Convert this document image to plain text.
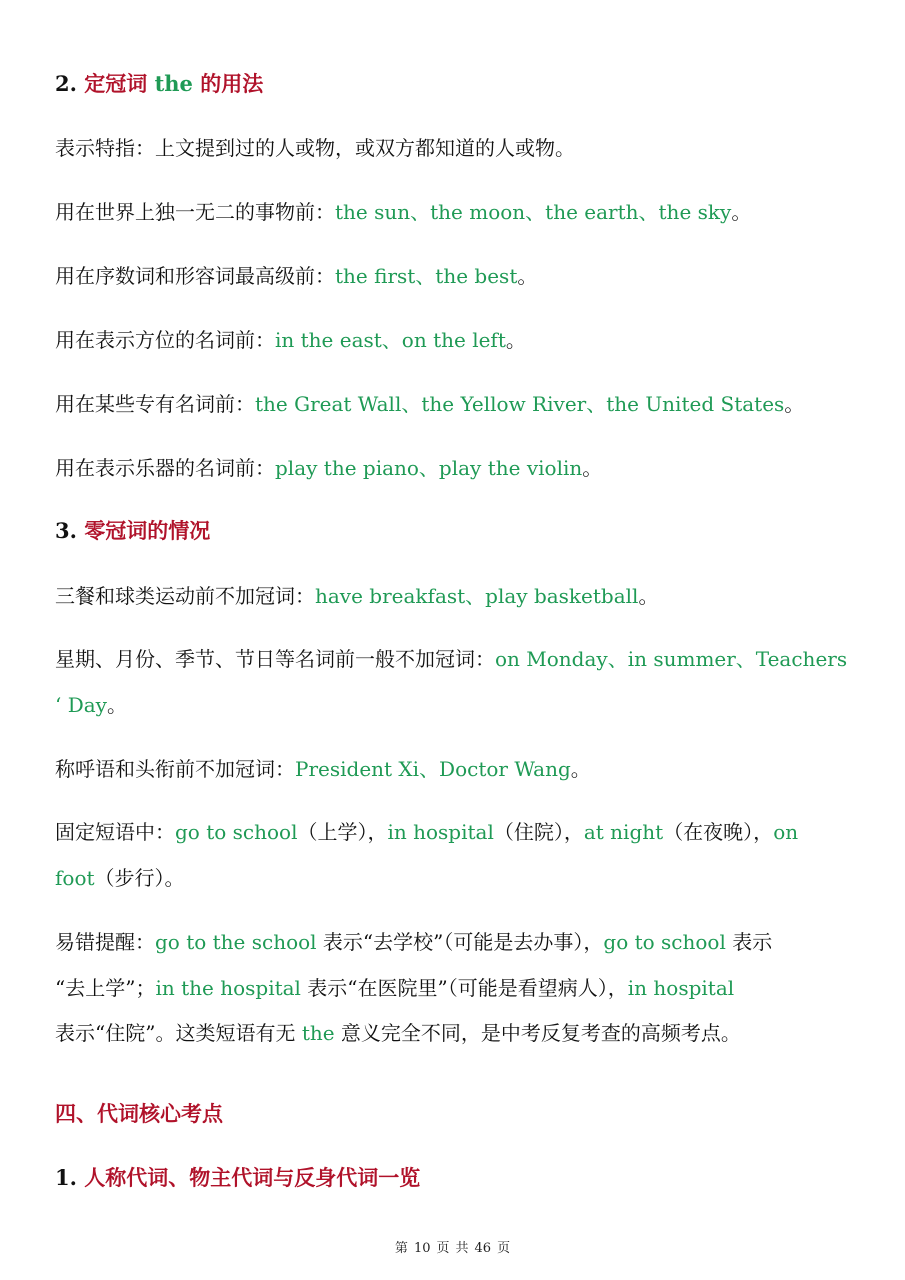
2. 定冠词 the 的用法
表示特指：上文提到过的人或物，或双方都知道的人或物。
用在世界上独一无二的事物前：the sun、the moon、the earth、the sky。
用在序数词和形容词最高级前：the first、the best。
用在表示方位的名词前：in the east、on the left。
用在某些专有名词前：the Great Wall、the Yellow River、the United States。
用在表示乐器的名词前：play the piano、play the violin。
3. 零冠词的情况
三餐和球类运动前不加冠词：have breakfast、play basketball。
星期、月份、季节、节日等名词前一般不加冠词：on Monday、in summer、Teachers
‘ Day。
称呼语和头衔前不加冠词：President Xi、Doctor Wang。
固定短语中：go to school（上学），in hospital（住院），at night（在夜晚），on
foot（步行）。
易错提醒：go to the school 表示“去学校”（可能是去办事），go to school 表示
“去上学”；in the hospital 表示“在医院里”（可能是看望病人），in hospital
表示“住院”。这类短语有无 the 意义完全不同，是中考反复考查的高频考点。
四、代词核心考点
1. 人称代词、物主代词与反身代词一览
第 10 页 共 46 页
